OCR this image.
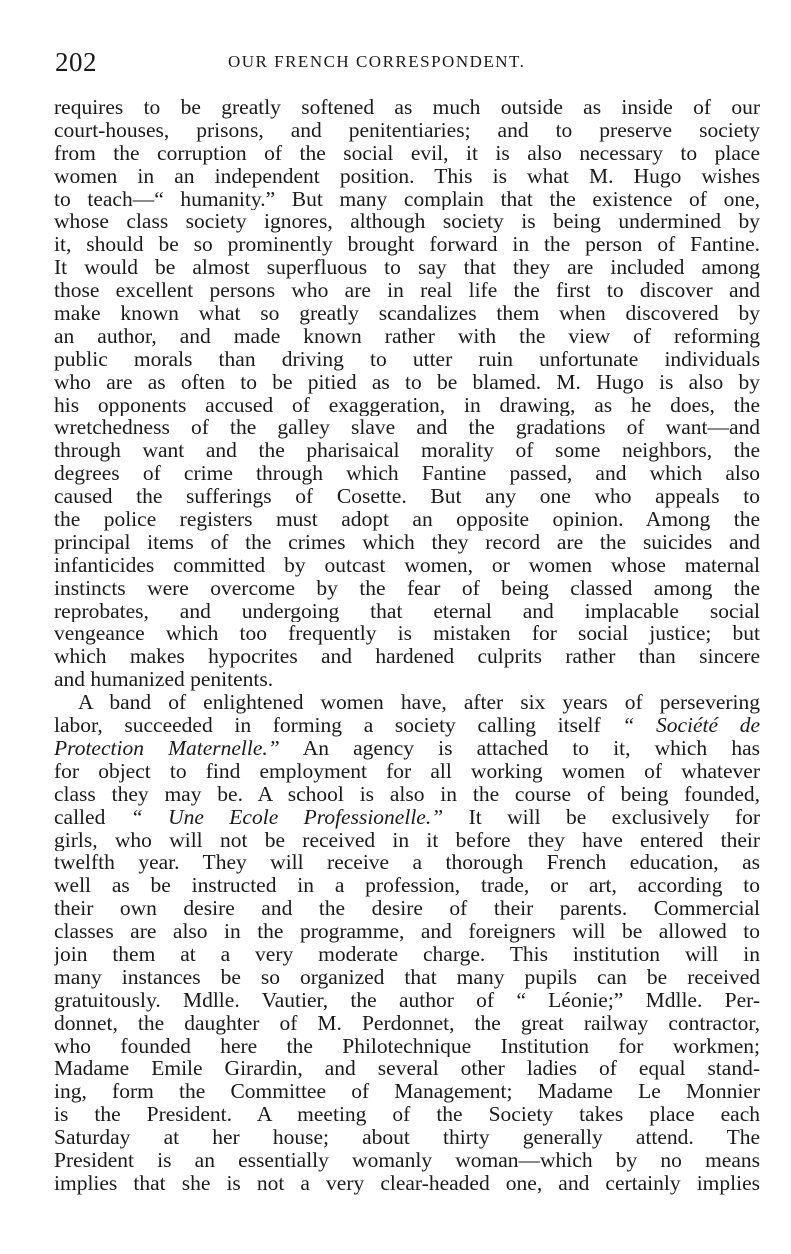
202	OUR FRENCH CORRESPONDENT.
requires to be greatly softened as much outside as inside of our
court-houses, prisons, and penitentiaries; and to preserve society
from the corruption of the social evil, it is also necessary to place
women in an independent position. This is what M. Hugo wishes
to teach—“ humanity.” But many complain that the existence of one,
whose class society ignores, although society is being undermined by
it, should be so prominently brought forward in the person of Fantine.
It would be almost superfluous to say that they are included among
those excellent persons who are in real life the first to discover and
make known what so greatly scandalizes them when discovered by
an author, and made known rather with the view of reforming
public morals than driving to utter ruin unfortunate individuals
who are as often to be pitied as to be blamed. M. Hugo is also by
his opponents accused of exaggeration, in drawing, as he does, the
wretchedness of the galley slave and the gradations of want—and
through want and the pharisaical morality of some neighbors, the
degrees of crime through which Fantine passed, and which also
caused the sufferings of Cosette. But any one who appeals to
the police registers must adopt an opposite opinion. Among the
principal items of the crimes which they record are the suicides and
infanticides committed by outcast women, or women whose maternal
instincts were overcome by the fear of being classed among the
reprobates, and undergoing that eternal and implacable social
vengeance which too frequently is mistaken for social justice; but
which makes hypocrites and hardened culprits rather than sincere
and humanized penitents.
A band of enlightened women have, after six years of persevering
labor, succeeded in forming a society calling itself “ Société de
Protection Maternelle.” An agency is attached to it, which has
for object to find employment for all working women of whatever
class they may be. A school is also in the course of being founded,
called “ Une Ecole Professionelle.” It will be exclusively for
girls, who will not be received in it before they have entered their
twelfth year. They will receive a thorough French education, as
well as be instructed in a profession, trade, or art, according to
their own desire and the desire of their parents. Commercial
classes are also in the programme, and foreigners will be allowed to
join them at a very moderate charge. This institution will in
many instances be so organized that many pupils can be received
gratuitously. Mdlle. Vautier, the author of “ Léonie;” Mdlle. Per-
donnet, the daughter of M. Perdonnet, the great railway contractor,
who founded here the Philotechnique Institution for workmen;
Madame Emile Girardin, and several other ladies of equal stand-
ing, form the Committee of Management; Madame Le Monnier
is the President. A meeting of the Society takes place each
Saturday at her house; about thirty generally attend. The
President is an essentially womanly woman—which by no means
implies that she is not a very clear-headed one, and certainly implies
